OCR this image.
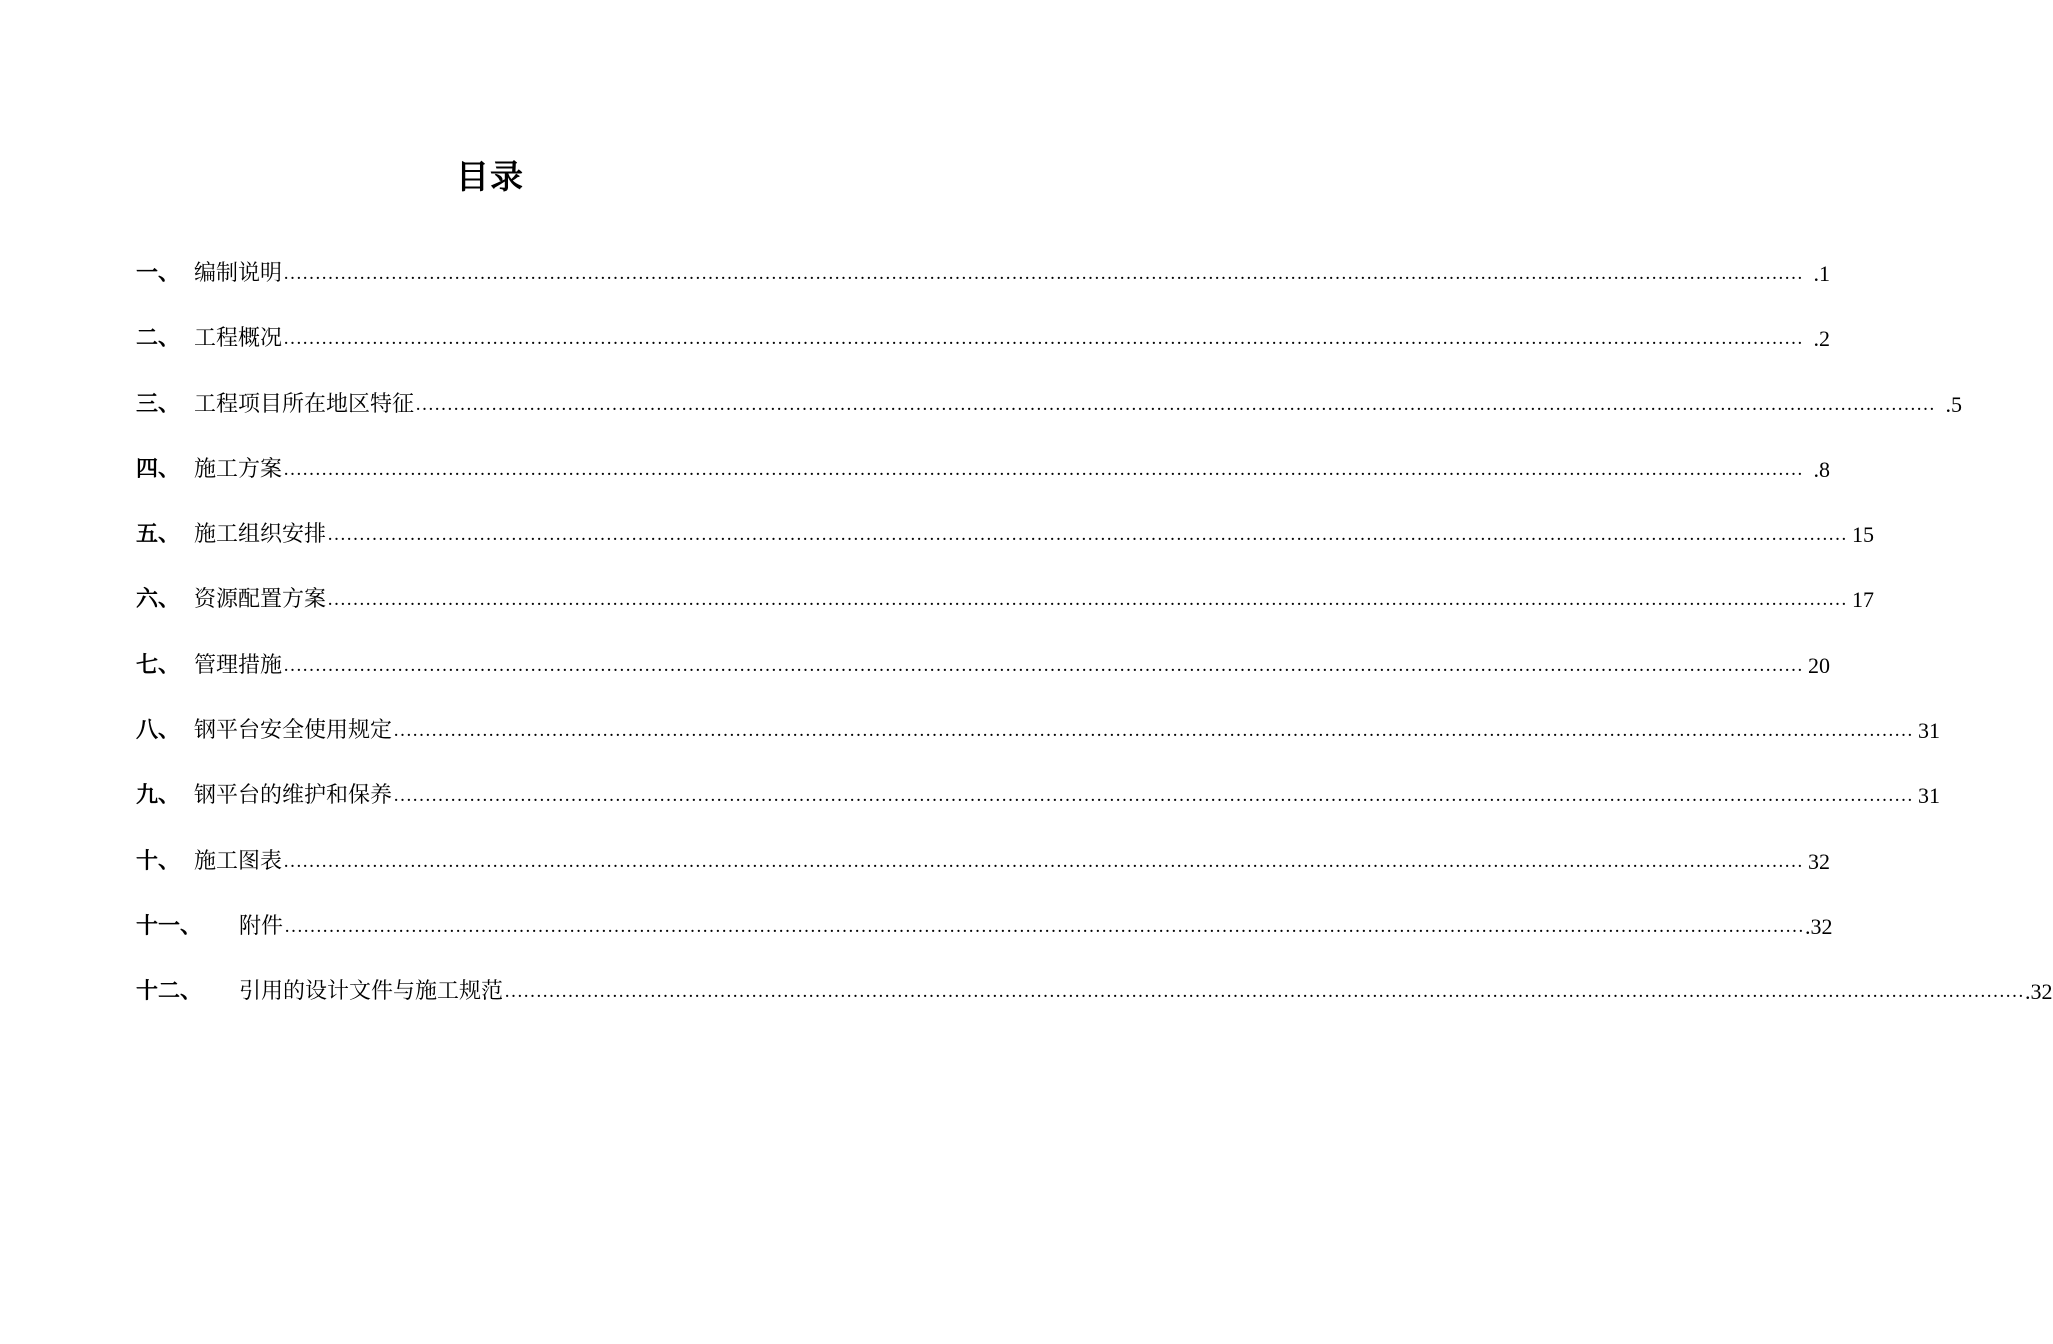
目录
一、 编制说明 …………………………………………………………………………………………………………………………………………………………………………………………………………………… .1
二、 工程概况 …………………………………………………………………………………………………………………………………………………………………………………………………………………… .2
三、 工程项目所在地区特征 …………………………………………………………………………………………………………………………………………………………………………………………………………………… .5
四、 施工方案 …………………………………………………………………………………………………………………………………………………………………………………………………………………… .8
五、 施工组织安排 …………………………………………………………………………………………………………………………………………………………………………………………………………………… 15
六、 资源配置方案 …………………………………………………………………………………………………………………………………………………………………………………………………………………… 17
七、 管理措施 …………………………………………………………………………………………………………………………………………………………………………………………………………………… 20
八、 钢平台安全使用规定 …………………………………………………………………………………………………………………………………………………………………………………………………………………… 31
九、 钢平台的维护和保养 …………………………………………………………………………………………………………………………………………………………………………………………………………………… 31
十、 施工图表 …………………………………………………………………………………………………………………………………………………………………………………………………………………… 32
十一、	附件 …………………………………………………………………………………………………………………………………………………………………………………………………………………… .32
十二、	引用的设计文件与施工规范 …………………………………………………………………………………………………………………………………………………………………………………………………………………… .32
